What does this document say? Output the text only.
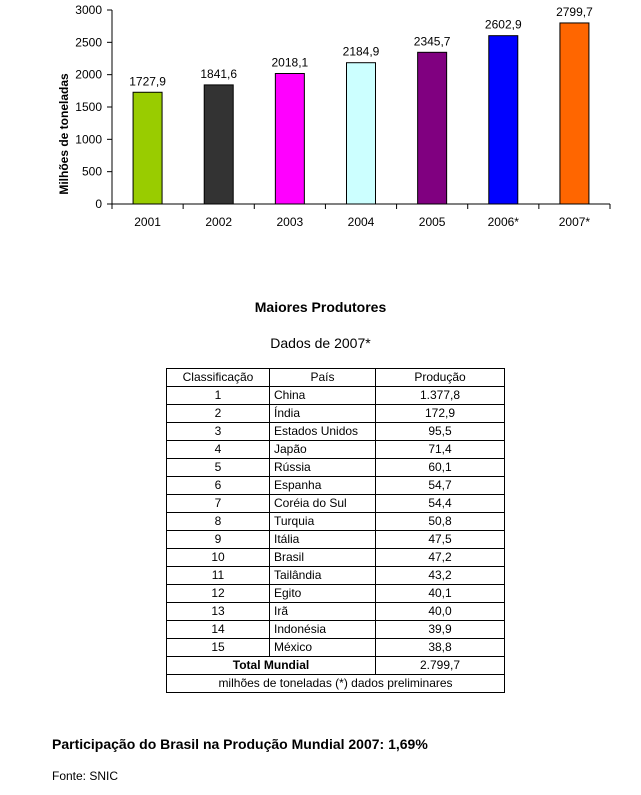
Milhões de toneladas
0
500
1000
1500
2000
2500
3000
1727,9
1841,6
2018,1
2184,9
2345,7
2602,9
2799,7
2001	2002	2003	2004	2005	2006*	2007*
Maiores Produtores
Dados de 2007*
Classificação	País	Produção
1	China	1.377,8
2	Índia	172,9
3	Estados Unidos	95,5
4	Japão	71,4
5	Rússia	60,1
6	Espanha	54,7
7	Coréia do Sul	54,4
8	Turquia	50,8
9	Itália	47,5
10	Brasil	47,2
11	Tailândia	43,2
12	Egito	40,1
13	Irã	40,0
14	Indonésia	39,9
15	México	38,8
Total Mundial		2.799,7
milhões de toneladas (*) dados preliminares		
Participação do Brasil na Produção Mundial 2007: 1,69%
Fonte: SNIC
